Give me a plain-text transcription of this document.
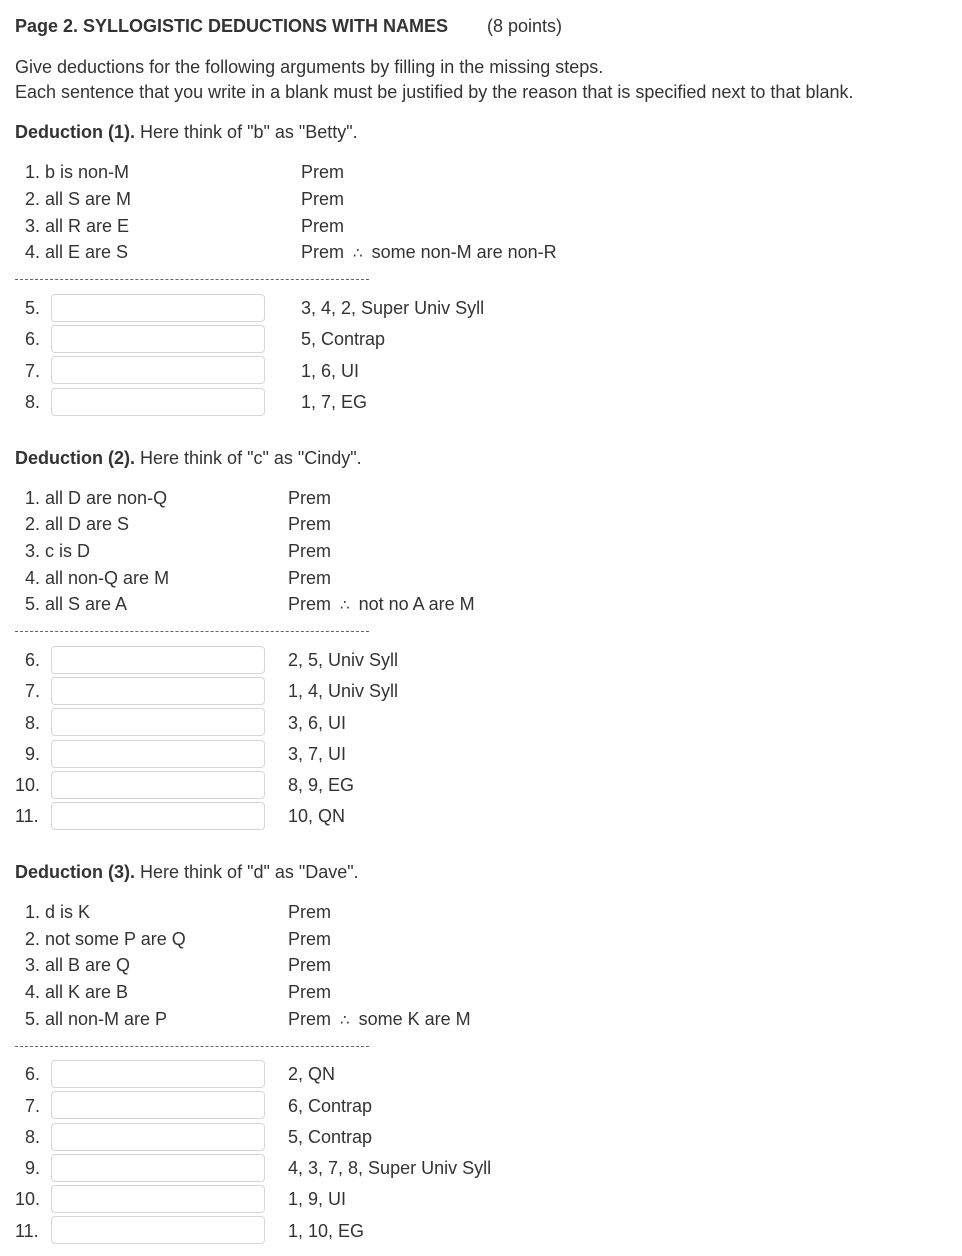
Page 2. SYLLOGISTIC DEDUCTIONS WITH NAMES (8 points)
Give deductions for the following arguments by filling in the missing steps.
Each sentence that you write in a blank must be justified by the reason that is specified next to that blank.
Deduction (1). Here think of "b" as "Betty".
1. b is non-M	Prem
2. all S are M	Prem
3. all R are E	Prem
4. all E are S	Prem ∴ some non-M are non-R
5.	3, 4, 2, Super Univ Syll
6.	5, Contrap
7.	1, 6, UI
8.	1, 7, EG
Deduction (2). Here think of "c" as "Cindy".
1. all D are non-Q	Prem
2. all D are S	Prem
3. c is D	Prem
4. all non-Q are M	Prem
5. all S are A	Prem ∴ not no A are M
6.	2, 5, Univ Syll
7.	1, 4, Univ Syll
8.	3, 6, UI
9.	3, 7, UI
10.	8, 9, EG
11.	10, QN
Deduction (3). Here think of "d" as "Dave".
1. d is K	Prem
2. not some P are Q	Prem
3. all B are Q	Prem
4. all K are B	Prem
5. all non-M are P	Prem ∴ some K are M
6.	2, QN
7.	6, Contrap
8.	5, Contrap
9.	4, 3, 7, 8, Super Univ Syll
10.	1, 9, UI
11.	1, 10, EG
